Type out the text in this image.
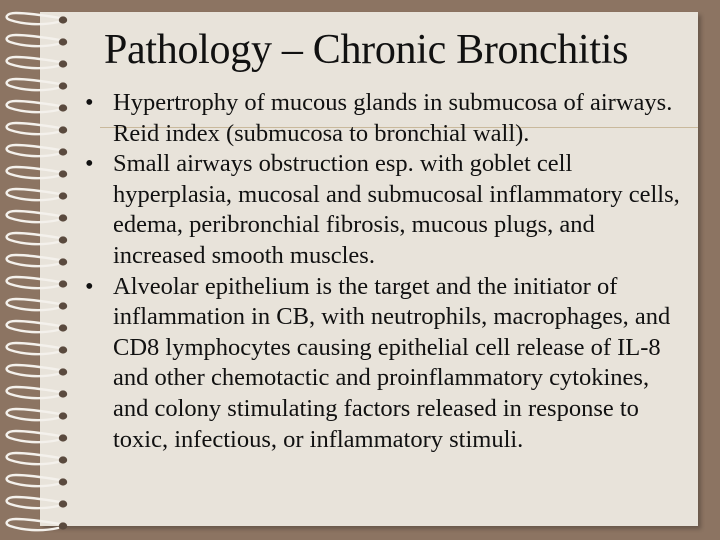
Pathology – Chronic Bronchitis
• Hypertrophy of mucous glands in submucosa of airways. Reid index (submucosa to bronchial wall).
• Small airways obstruction esp. with goblet cell hyperplasia, mucosal and submucosal inflammatory cells, edema, peribronchial fibrosis, mucous plugs, and increased smooth muscles.
• Alveolar epithelium is the target and the initiator of inflammation in CB, with neutrophils, macrophages, and CD8 lymphocytes causing epithelial cell release of IL-8 and other chemotactic and proinflammatory cytokines, and colony stimulating factors released in response to toxic, infectious, or inflammatory stimuli.
